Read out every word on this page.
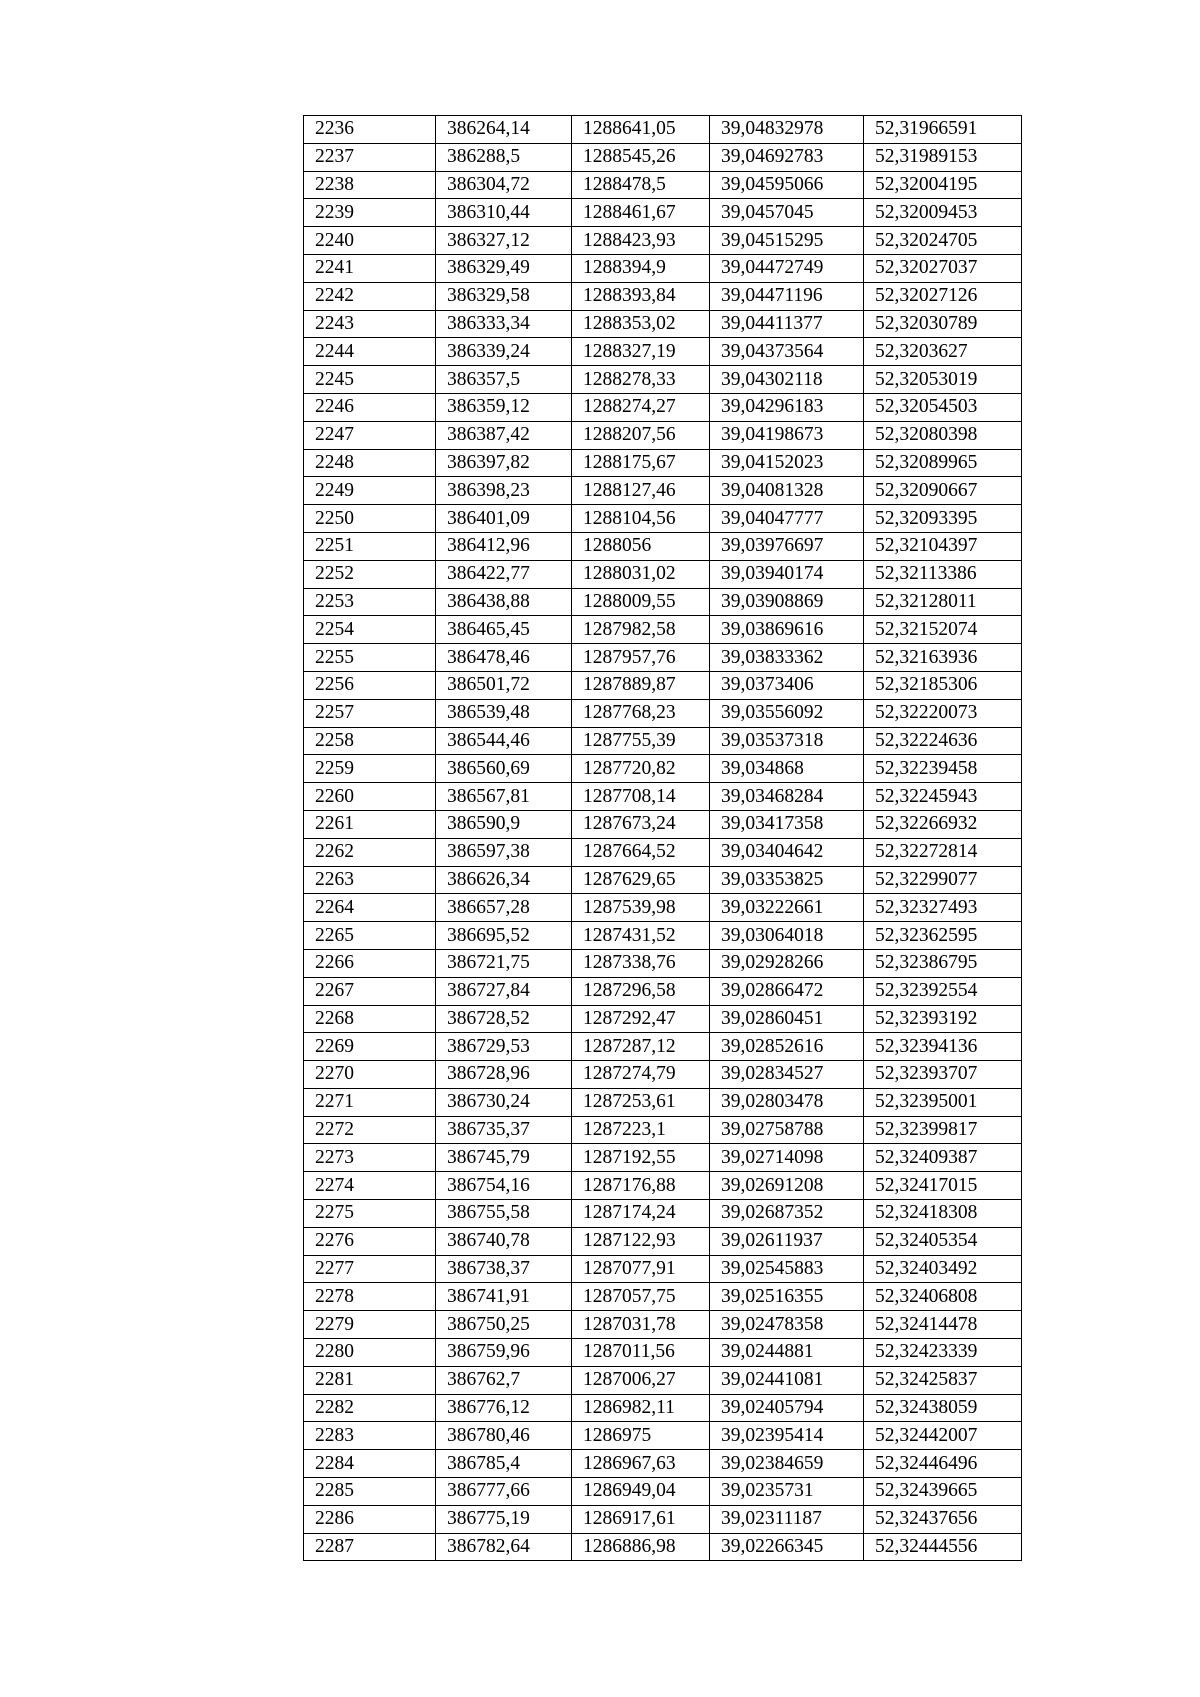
2236	386264,14	1288641,05	39,04832978	52,31966591
2237	386288,5	1288545,26	39,04692783	52,31989153
2238	386304,72	1288478,5	39,04595066	52,32004195
2239	386310,44	1288461,67	39,0457045	52,32009453
2240	386327,12	1288423,93	39,04515295	52,32024705
2241	386329,49	1288394,9	39,04472749	52,32027037
2242	386329,58	1288393,84	39,04471196	52,32027126
2243	386333,34	1288353,02	39,04411377	52,32030789
2244	386339,24	1288327,19	39,04373564	52,3203627
2245	386357,5	1288278,33	39,04302118	52,32053019
2246	386359,12	1288274,27	39,04296183	52,32054503
2247	386387,42	1288207,56	39,04198673	52,32080398
2248	386397,82	1288175,67	39,04152023	52,32089965
2249	386398,23	1288127,46	39,04081328	52,32090667
2250	386401,09	1288104,56	39,04047777	52,32093395
2251	386412,96	1288056	39,03976697	52,32104397
2252	386422,77	1288031,02	39,03940174	52,32113386
2253	386438,88	1288009,55	39,03908869	52,32128011
2254	386465,45	1287982,58	39,03869616	52,32152074
2255	386478,46	1287957,76	39,03833362	52,32163936
2256	386501,72	1287889,87	39,0373406	52,32185306
2257	386539,48	1287768,23	39,03556092	52,32220073
2258	386544,46	1287755,39	39,03537318	52,32224636
2259	386560,69	1287720,82	39,034868	52,32239458
2260	386567,81	1287708,14	39,03468284	52,32245943
2261	386590,9	1287673,24	39,03417358	52,32266932
2262	386597,38	1287664,52	39,03404642	52,32272814
2263	386626,34	1287629,65	39,03353825	52,32299077
2264	386657,28	1287539,98	39,03222661	52,32327493
2265	386695,52	1287431,52	39,03064018	52,32362595
2266	386721,75	1287338,76	39,02928266	52,32386795
2267	386727,84	1287296,58	39,02866472	52,32392554
2268	386728,52	1287292,47	39,02860451	52,32393192
2269	386729,53	1287287,12	39,02852616	52,32394136
2270	386728,96	1287274,79	39,02834527	52,32393707
2271	386730,24	1287253,61	39,02803478	52,32395001
2272	386735,37	1287223,1	39,02758788	52,32399817
2273	386745,79	1287192,55	39,02714098	52,32409387
2274	386754,16	1287176,88	39,02691208	52,32417015
2275	386755,58	1287174,24	39,02687352	52,32418308
2276	386740,78	1287122,93	39,02611937	52,32405354
2277	386738,37	1287077,91	39,02545883	52,32403492
2278	386741,91	1287057,75	39,02516355	52,32406808
2279	386750,25	1287031,78	39,02478358	52,32414478
2280	386759,96	1287011,56	39,0244881	52,32423339
2281	386762,7	1287006,27	39,02441081	52,32425837
2282	386776,12	1286982,11	39,02405794	52,32438059
2283	386780,46	1286975	39,02395414	52,32442007
2284	386785,4	1286967,63	39,02384659	52,32446496
2285	386777,66	1286949,04	39,0235731	52,32439665
2286	386775,19	1286917,61	39,02311187	52,32437656
2287	386782,64	1286886,98	39,02266345	52,32444556
